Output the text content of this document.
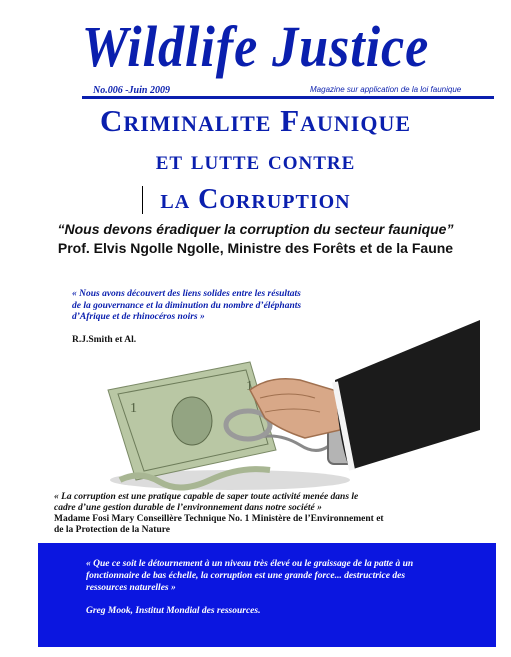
Wildlife Justice
No.006 -Juin 2009	Magazine sur application de la loi faunique
Criminalite Faunique
et lutte contre
la Corruption
“Nous devons éradiquer la corruption du secteur faunique”
Prof. Elvis Ngolle Ngolle, Ministre des Forêts et de la Faune
1
1
« Nous avons découvert des liens solides entre les résultats de la gouvernance et la diminution du nombre d’éléphants d’Afrique et de rhinocéros noirs »
R.J.Smith et Al.
« La corruption est une pratique capable de saper toute activité menée dans le cadre d’une gestion durable de l’environnement dans notre société »
Madame Fosi Mary Conseillère Technique No. 1 Ministère de l’Environnement et de la Protection de la Nature
« Que ce soit le détournement à un niveau très élevé ou le graissage de la patte à un fonctionnaire de bas échelle, la corruption est une grande force... destructrice des ressources naturelles »
Greg Mook, Institut Mondial des ressources.
